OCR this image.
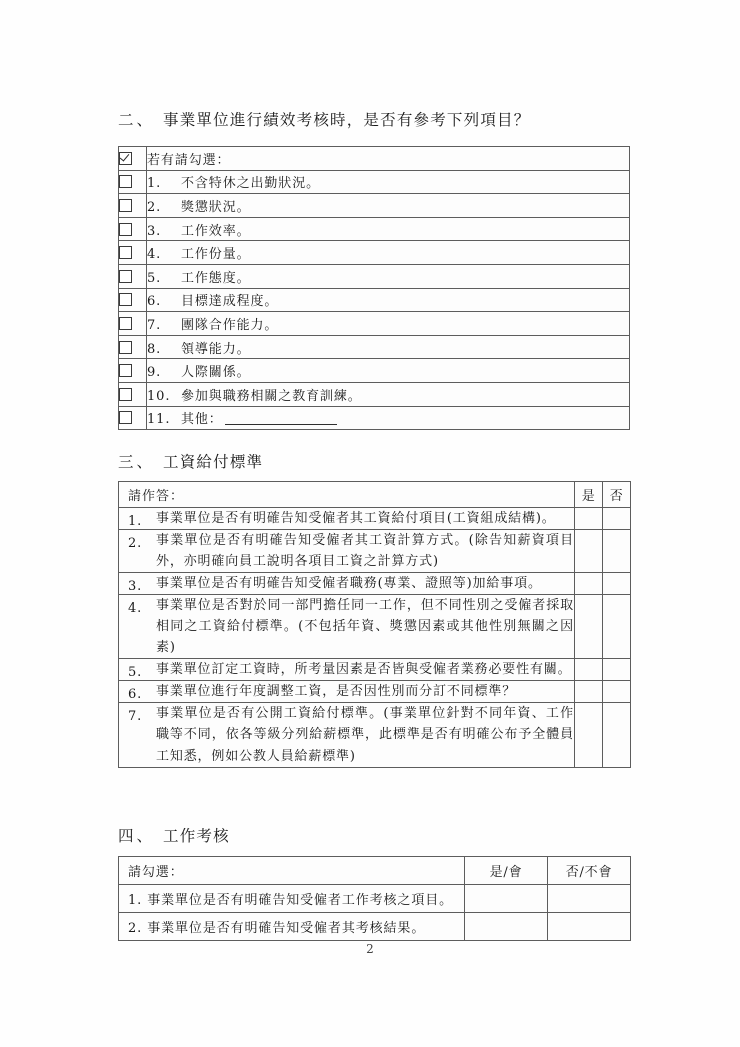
二、 事業單位進行績效考核時，是否有參考下列項目？
	若有請勾選：
	1. 不含特休之出勤狀況。
	2. 獎懲狀況。
	3. 工作效率。
	4. 工作份量。
	5. 工作態度。
	6. 目標達成程度。
	7. 團隊合作能力。
	8. 領導能力。
	9. 人際關係。
	10. 參加與職務相關之教育訓練。
	11. 其他：
三、 工資給付標準
請作答：	是	否

1. 事業單位是否有明確告知受僱者其工資給付項目(工資組成結構)。		

2. 事業單位是否有明確告知受僱者其工資計算方式。(除告知薪資項目外，亦明確向員工說明各項目工資之計算方式)		

3. 事業單位是否有明確告知受僱者職務(專業、證照等)加給事項。		

4. 事業單位是否對於同一部門擔任同一工作，但不同性別之受僱者採取相同之工資給付標準。(不包括年資、獎懲因素或其他性別無關之因素)		

5. 事業單位訂定工資時，所考量因素是否皆與受僱者業務必要性有關。		

6. 事業單位進行年度調整工資，是否因性別而分訂不同標準？		

7. 事業單位是否有公開工資給付標準。(事業單位針對不同年資、工作職等不同，依各等級分列給薪標準，此標準是否有明確公布予全體員工知悉，例如公教人員給薪標準)		

四、 工作考核
請勾選：	是/會	否/不會
1. 事業單位是否有明確告知受僱者工作考核之項目。		
2. 事業單位是否有明確告知受僱者其考核結果。		
2
